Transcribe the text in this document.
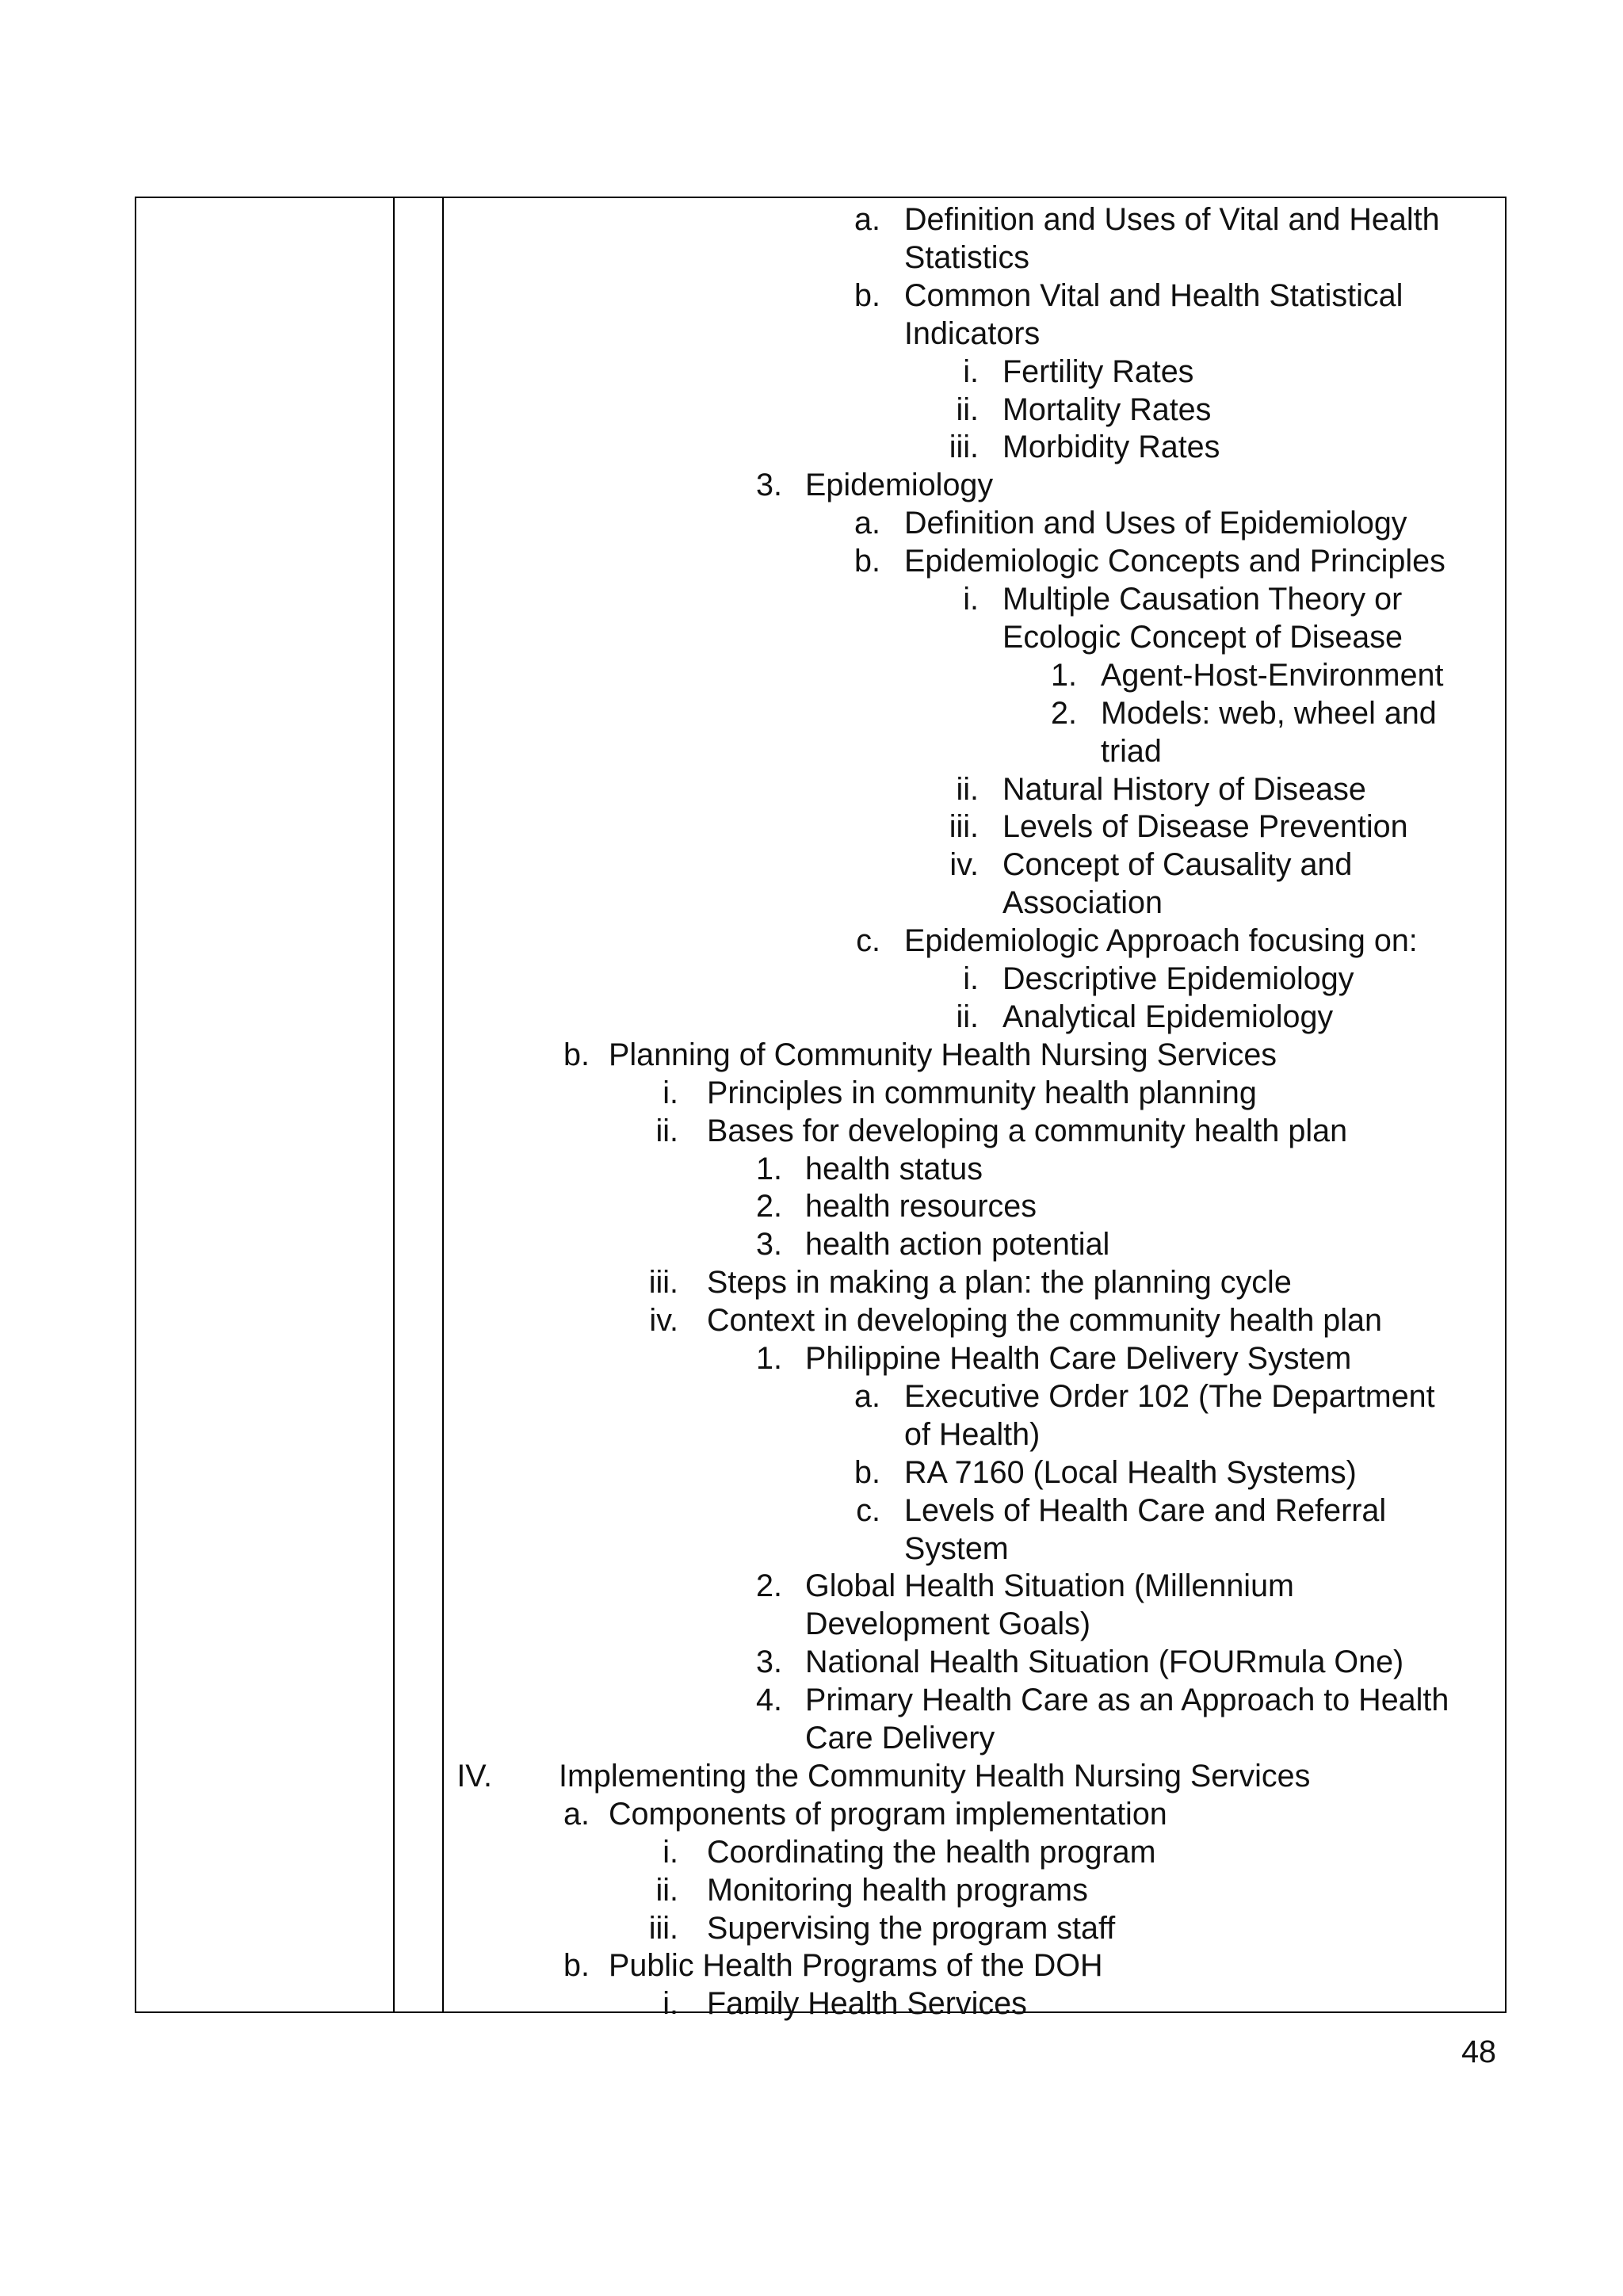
a. Definition and Uses of Vital and Health
Statistics
b. Common Vital and Health Statistical
Indicators
i. Fertility Rates
ii. Mortality Rates
iii. Morbidity Rates
3. Epidemiology
a. Definition and Uses of Epidemiology
b. Epidemiologic Concepts and Principles
i. Multiple Causation Theory or
Ecologic Concept of Disease
1. Agent-Host-Environment
2. Models: web, wheel and
triad
ii. Natural History of Disease
iii. Levels of Disease Prevention
iv. Concept of Causality and
Association
c. Epidemiologic Approach focusing on:
i. Descriptive Epidemiology
ii. Analytical Epidemiology
b. Planning of Community Health Nursing Services
i. Principles in community health planning
ii. Bases for developing a community health plan
1. health status
2. health resources
3. health action potential
iii. Steps in making a plan: the planning cycle
iv. Context in developing the community health plan
1. Philippine Health Care Delivery System
a. Executive Order 102 (The Department
of Health)
b. RA 7160 (Local Health Systems)
c. Levels of Health Care and Referral
System
2. Global Health Situation (Millennium
Development Goals)
3. National Health Situation (FOURmula One)
4. Primary Health Care as an Approach to Health
Care Delivery
IV. Implementing the Community Health Nursing Services
a. Components of program implementation
i. Coordinating the health program
ii. Monitoring health programs
iii. Supervising the program staff
b. Public Health Programs of the DOH
i. Family Health Services
48
